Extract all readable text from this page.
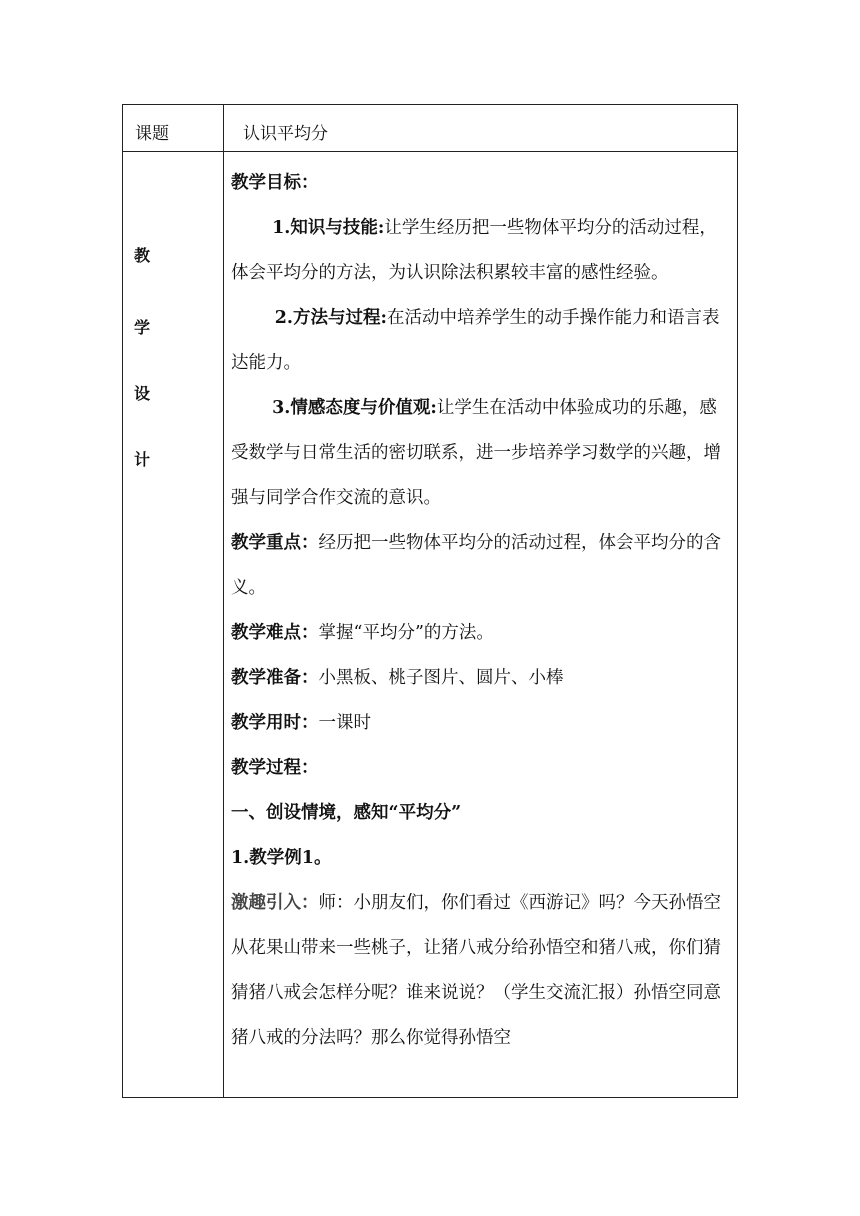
课题	认识平均分
教
学
设
计

教学目标：

1.知识与技能:让学生经历把一些物体平均分的活动过程，体会平均分的方法，为认识除法积累较丰富的感性经验。

2.方法与过程:在活动中培养学生的动手操作能力和语言表达能力。

3.情感态度与价值观:让学生在活动中体验成功的乐趣，感受数学与日常生活的密切联系，进一步培养学习数学的兴趣，增强与同学合作交流的意识。

教学重点：经历把一些物体平均分的活动过程，体会平均分的含义。

教学难点：掌握“平均分”的方法。

教学准备：小黑板、桃子图片、圆片、小棒

教学用时：一课时

教学过程：

一、创设情境，感知“平均分”

1.教学例1。

激趣引入：师：小朋友们，你们看过《西游记》吗？今天孙悟空从花果山带来一些桃子，让猪八戒分给孙悟空和猪八戒，你们猜猜猪八戒会怎样分呢？谁来说说？（学生交流汇报）孙悟空同意猪八戒的分法吗？那么你觉得孙悟空
